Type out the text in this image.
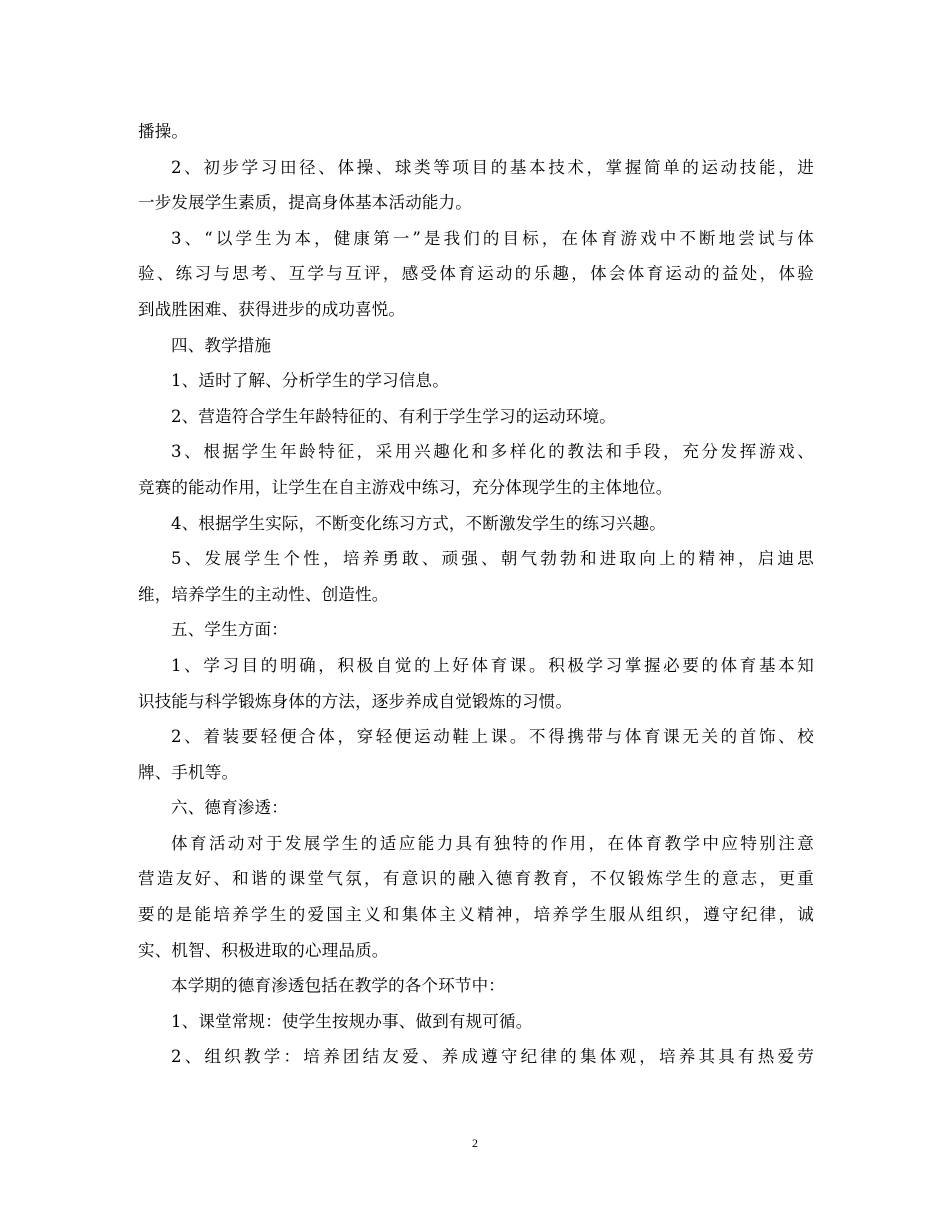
播操。
2、初步学习田径、体操、球类等项目的基本技术，掌握简单的运动技能，进
一步发展学生素质，提高身体基本活动能力。
3、“以学生为本，健康第一”是我们的目标，在体育游戏中不断地尝试与体
验、练习与思考、互学与互评，感受体育运动的乐趣，体会体育运动的益处，体验
到战胜困难、获得进步的成功喜悦。
四、教学措施
1、适时了解、分析学生的学习信息。
2、营造符合学生年龄特征的、有利于学生学习的运动环境。
3、根据学生年龄特征，采用兴趣化和多样化的教法和手段，充分发挥游戏、
竞赛的能动作用，让学生在自主游戏中练习，充分体现学生的主体地位。
4、根据学生实际，不断变化练习方式，不断激发学生的练习兴趣。
5、发展学生个性，培养勇敢、顽强、朝气勃勃和进取向上的精神，启迪思
维，培养学生的主动性、创造性。
五、学生方面：
1、学习目的明确，积极自觉的上好体育课。积极学习掌握必要的体育基本知
识技能与科学锻炼身体的方法，逐步养成自觉锻炼的习惯。
2、着装要轻便合体，穿轻便运动鞋上课。不得携带与体育课无关的首饰、校
牌、手机等。
六、德育渗透：
体育活动对于发展学生的适应能力具有独特的作用，在体育教学中应特别注意
营造友好、和谐的课堂气氛，有意识的融入德育教育，不仅锻炼学生的意志，更重
要的是能培养学生的爱国主义和集体主义精神，培养学生服从组织，遵守纪律，诚
实、机智、积极进取的心理品质。
本学期的德育渗透包括在教学的各个环节中：
1、课堂常规：使学生按规办事、做到有规可循。
2、组织教学：培养团结友爱、养成遵守纪律的集体观，培养其具有热爱劳
2
